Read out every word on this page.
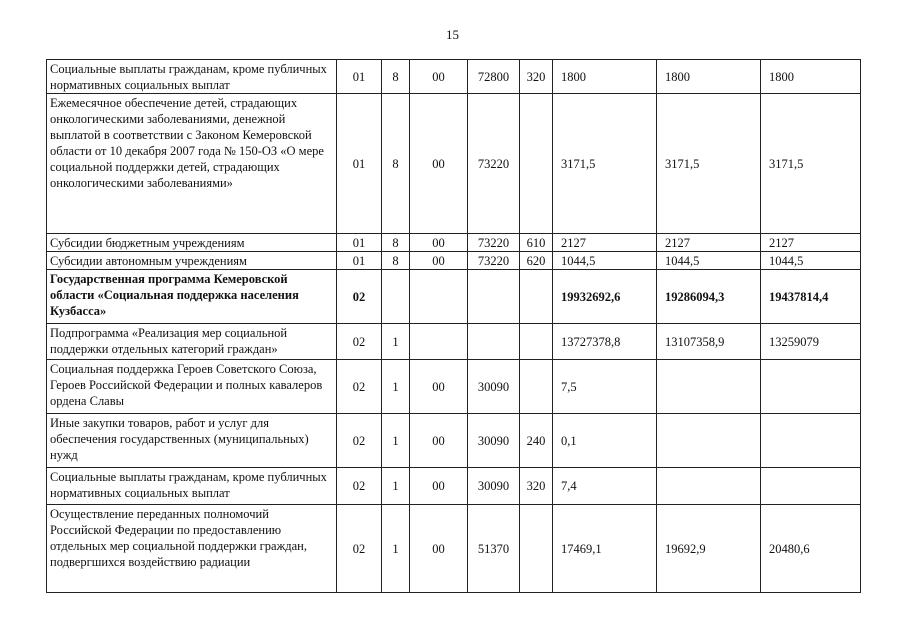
15
Социальные выплаты гражданам, кроме публичных нормативных социальных выплат	01	8	00	72800	320	1800	1800	1800
Ежемесячное обеспечение детей, страдающих онкологическими заболеваниями, денежной выплатой в соответствии с Законом Кемеровской области от 10 декабря 2007 года № 150-ОЗ «О мере социальной поддержки детей, страдающих онкологическими заболеваниями»	01	8	00	73220		3171,5	3171,5	3171,5
Субсидии бюджетным учреждениям	01	8	00	73220	610	2127	2127	2127
Субсидии автономным учреждениям	01	8	00	73220	620	1044,5	1044,5	1044,5
Государственная программа Кемеровской области «Социальная поддержка населения Кузбасса»	02					19932692,6	19286094,3	19437814,4
Подпрограмма «Реализация мер социальной поддержки отдельных категорий граждан»	02	1				13727378,8	13107358,9	13259079
Социальная поддержка Героев Советского Союза, Героев Российской Федерации и полных кавалеров ордена Славы	02	1	00	30090		7,5		
Иные закупки товаров, работ и услуг для обеспечения государственных (муниципальных) нужд	02	1	00	30090	240	0,1		
Социальные выплаты гражданам, кроме публичных нормативных социальных выплат	02	1	00	30090	320	7,4		
Осуществление переданных полномочий Российской Федерации по предоставлению отдельных мер социальной поддержки граждан, подвергшихся воздействию радиации	02	1	00	51370		17469,1	19692,9	20480,6
